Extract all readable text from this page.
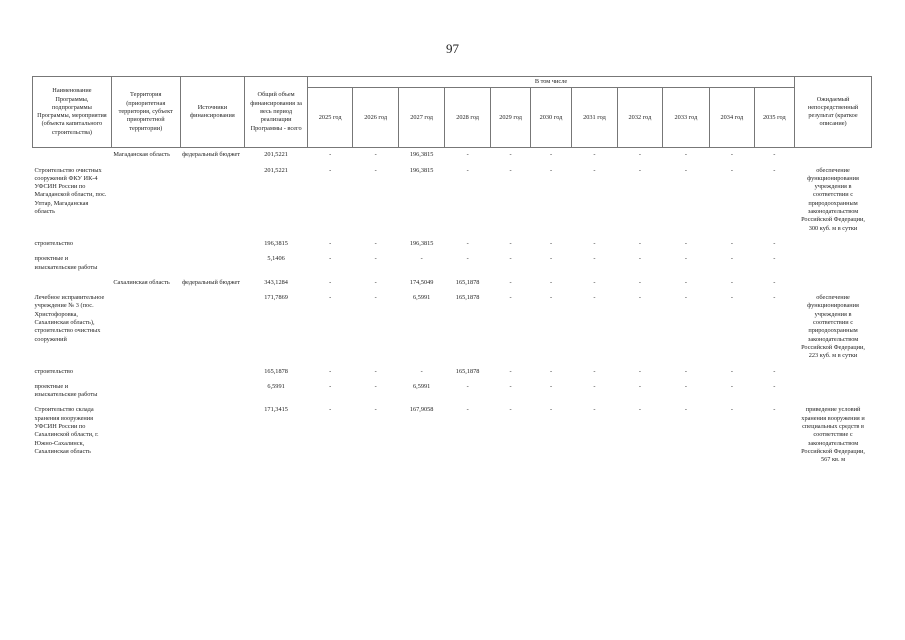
97
Наименование Программы, подпрограммы Программы, мероприятия (объекта капитального строительства)	Территория (приоритетная территория, субъект приоритетной территории)	Источники финансирования	Общий объем финансирования за весь период реализации Программы - всего	В том числе											Ожидаемый непосредственный результат (краткое описание)
				2025 год	2026 год	2027 год	2028 год	2029 год	2030 год	2031 год	2032 год	2033 год	2034 год	2035 год	
	Магаданская область	федеральный бюджет	201,5221	-	-	196,3815	-	-	-	-	-	-	-	-	
Строительство очистных сооружений ФКУ ИК-4 УФСИН России по Магаданской области, пос. Уптар, Магаданская область			201,5221	-	-	196,3815	-	-	-	-	-	-	-	-	обеспечение функционирования учреждения в соответствии с природоохранным законодательством Российской Федерации, 300 куб. м в сутки
строительство			196,3815	-	-	196,3815	-	-	-	-	-	-	-	-	
проектные и изыскательские работы			5,1406	-	-	-	-	-	-	-	-	-	-	-	
	Сахалинская область	федеральный бюджет	343,1284	-	-	174,5049	165,1878	-	-	-	-	-	-	-	
Лечебное исправительное учреждение № 3 (пос. Христофоровка, Сахалинская область), строительство очистных сооружений			171,7869	-	-	6,5991	165,1878	-	-	-	-	-	-	-	обеспечение функционирования учреждения в соответствии с природоохранным законодательством Российской Федерации, 223 куб. м в сутки
строительство			165,1878	-	-	-	165,1878	-	-	-	-	-	-	-	
проектные и изыскательские работы			6,5991	-	-	6,5991	-	-	-	-	-	-	-	-	
Строительство склада хранения вооружения УФСИН России по Сахалинской области, г. Южно-Сахалинск, Сахалинская область			171,3415	-	-	167,9058	-	-	-	-	-	-	-	-	приведение условий хранения вооружения и специальных средств в соответствие с законодательством Российской Федерации, 567 кв. м
